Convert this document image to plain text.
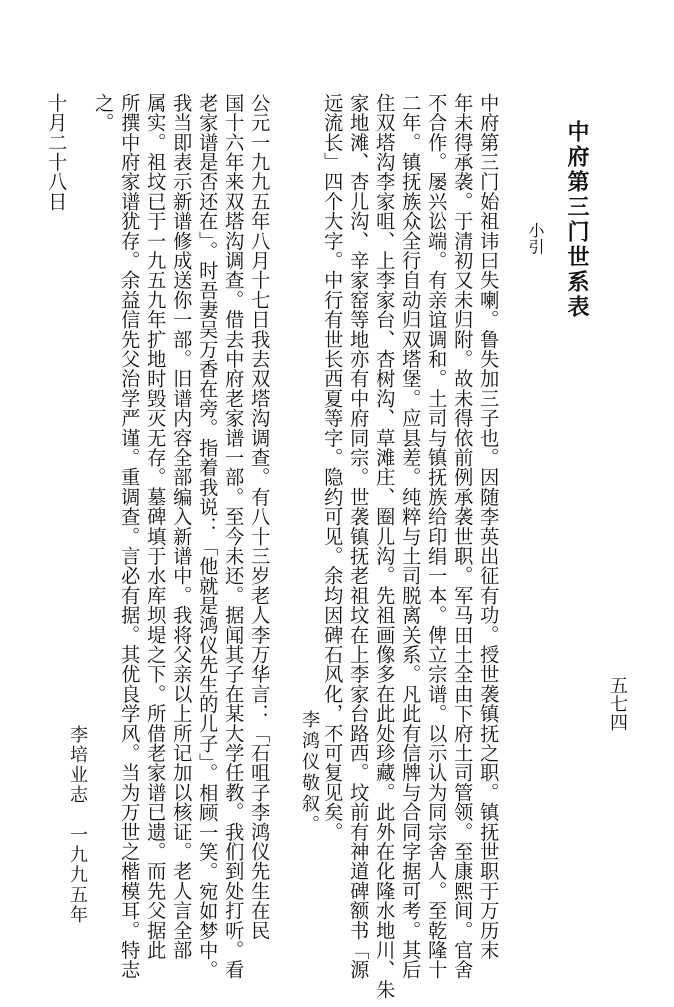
中府第三门世系表
小引
五七四
中府第三门始祖讳曰失喇。鲁失加三子也。因随李英出征有功。授世袭镇抚之职。镇抚世职于万历末
年未得承袭。于清初又未归附。故未得依前例承袭世职。军马田土全由下府土司管领。至康熙间。官舍
不合作。屡兴讼端。有亲谊调和。土司与镇抚族给印绢一本。俾立宗谱。以示认为同宗舍人。至乾隆十
二年。镇抚族众全行自动归双塔堡。应县差。纯粹与土司脱离关系。凡此有信牌与合同字据可考。其后
住双塔沟李家咀、上李家台、杏树沟、草滩庄、圈儿沟。先祖画像多在此处珍藏。此外在化隆水地川、朱
家地滩、杏儿沟、辛家窑等地亦有中府同宗。世袭镇抚老祖坟在上李家台路西。坟前有神道碑额书「源
远流长」四个大字。中行有世长西夏等字。隐约可见。余均因碑石风化，不可复见矣。
李鸿仪敬叙。
公元一九九五年八月十七日我去双塔沟调查。有八十三岁老人李万华言：「石咀子李鸿仪先生在民
国十六年来双塔沟调查。借去中府老家谱一部。至今未还。据闻其子在某大学任教。我们到处打听。看
老家谱是否还在」。时吾妻吴万香在旁。指着我说：「他就是鸿仪先生的儿子」。相顾一笑。宛如梦中。
我当即表示新谱修成送你一部。旧谱内容全部编入新谱中。我将父亲以上所记加以核证。老人言全部
属实。祖坟已于一九五九年扩地时毁灭无存。墓碑填于水库坝堤之下。所借老家谱已遗。而先父据此
所撰中府家谱犹存。余益信先父治学严谨。重调查。言必有据。其优良学风。当为万世之楷模耳。特志
之。
李培业志　一九九五年
十月二十八日
